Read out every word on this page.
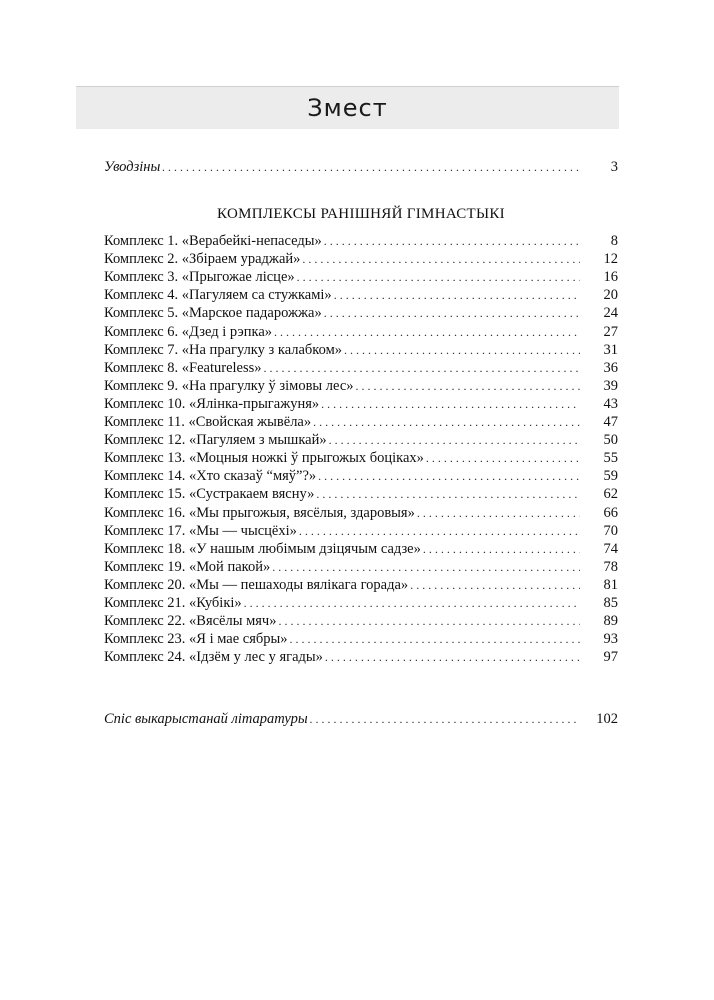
Змест
Уводзіны . . .	3
КОМПЛЕКСЫ РАНІШНЯЙ ГІМНАСТЫКІ
Комплекс 1. «Верабейкі-непаседы» . . .	8
Комплекс 2. «Збіраем ураджай» . . .	12
Комплекс 3. «Прыгожае лісце» . . .	16
Комплекс 4. «Пагуляем са стужкамі» . . .	20
Комплекс 5. «Марское падарожжа» . . .	24
Комплекс 6. «Дзед і рэпка» . . .	27
Комплекс 7. «На прагулку з калабком» . . .	31
Комплекс 8. «Featureless» . . .	36
Комплекс 9. «На прагулку ў зімовы лес» . . .	39
Комплекс 10. «Ялінка-прыгажуня» . . .	43
Комплекс 11. «Свойская жывёла» . . .	47
Комплекс 12. «Пагуляем з мышкай» . . .	50
Комплекс 13. «Моцныя ножкі ў прыгожых боціках» . . .	55
Комплекс 14. «Хто сказаў “мяў”?» . . .	59
Комплекс 15. «Сустракаем вясну» . . .	62
Комплекс 16. «Мы прыгожыя, вясёлыя, здаровыя» . . .	66
Комплекс 17. «Мы — чысцёхі» . . .	70
Комплекс 18. «У нашым любімым дзіцячым садзе» . . .	74
Комплекс 19. «Мой пакой» . . .	78
Комплекс 20. «Мы — пешаходы вялікага горада» . . .	81
Комплекс 21. «Кубікі» . . .	85
Комплекс 22. «Вясёлы мяч» . . .	89
Комплекс 23. «Я і мае сябры» . . .	93
Комплекс 24. «Ідзём у лес у ягады» . . .	97
Спіс выкарыстанай літаратуры . . .	102
